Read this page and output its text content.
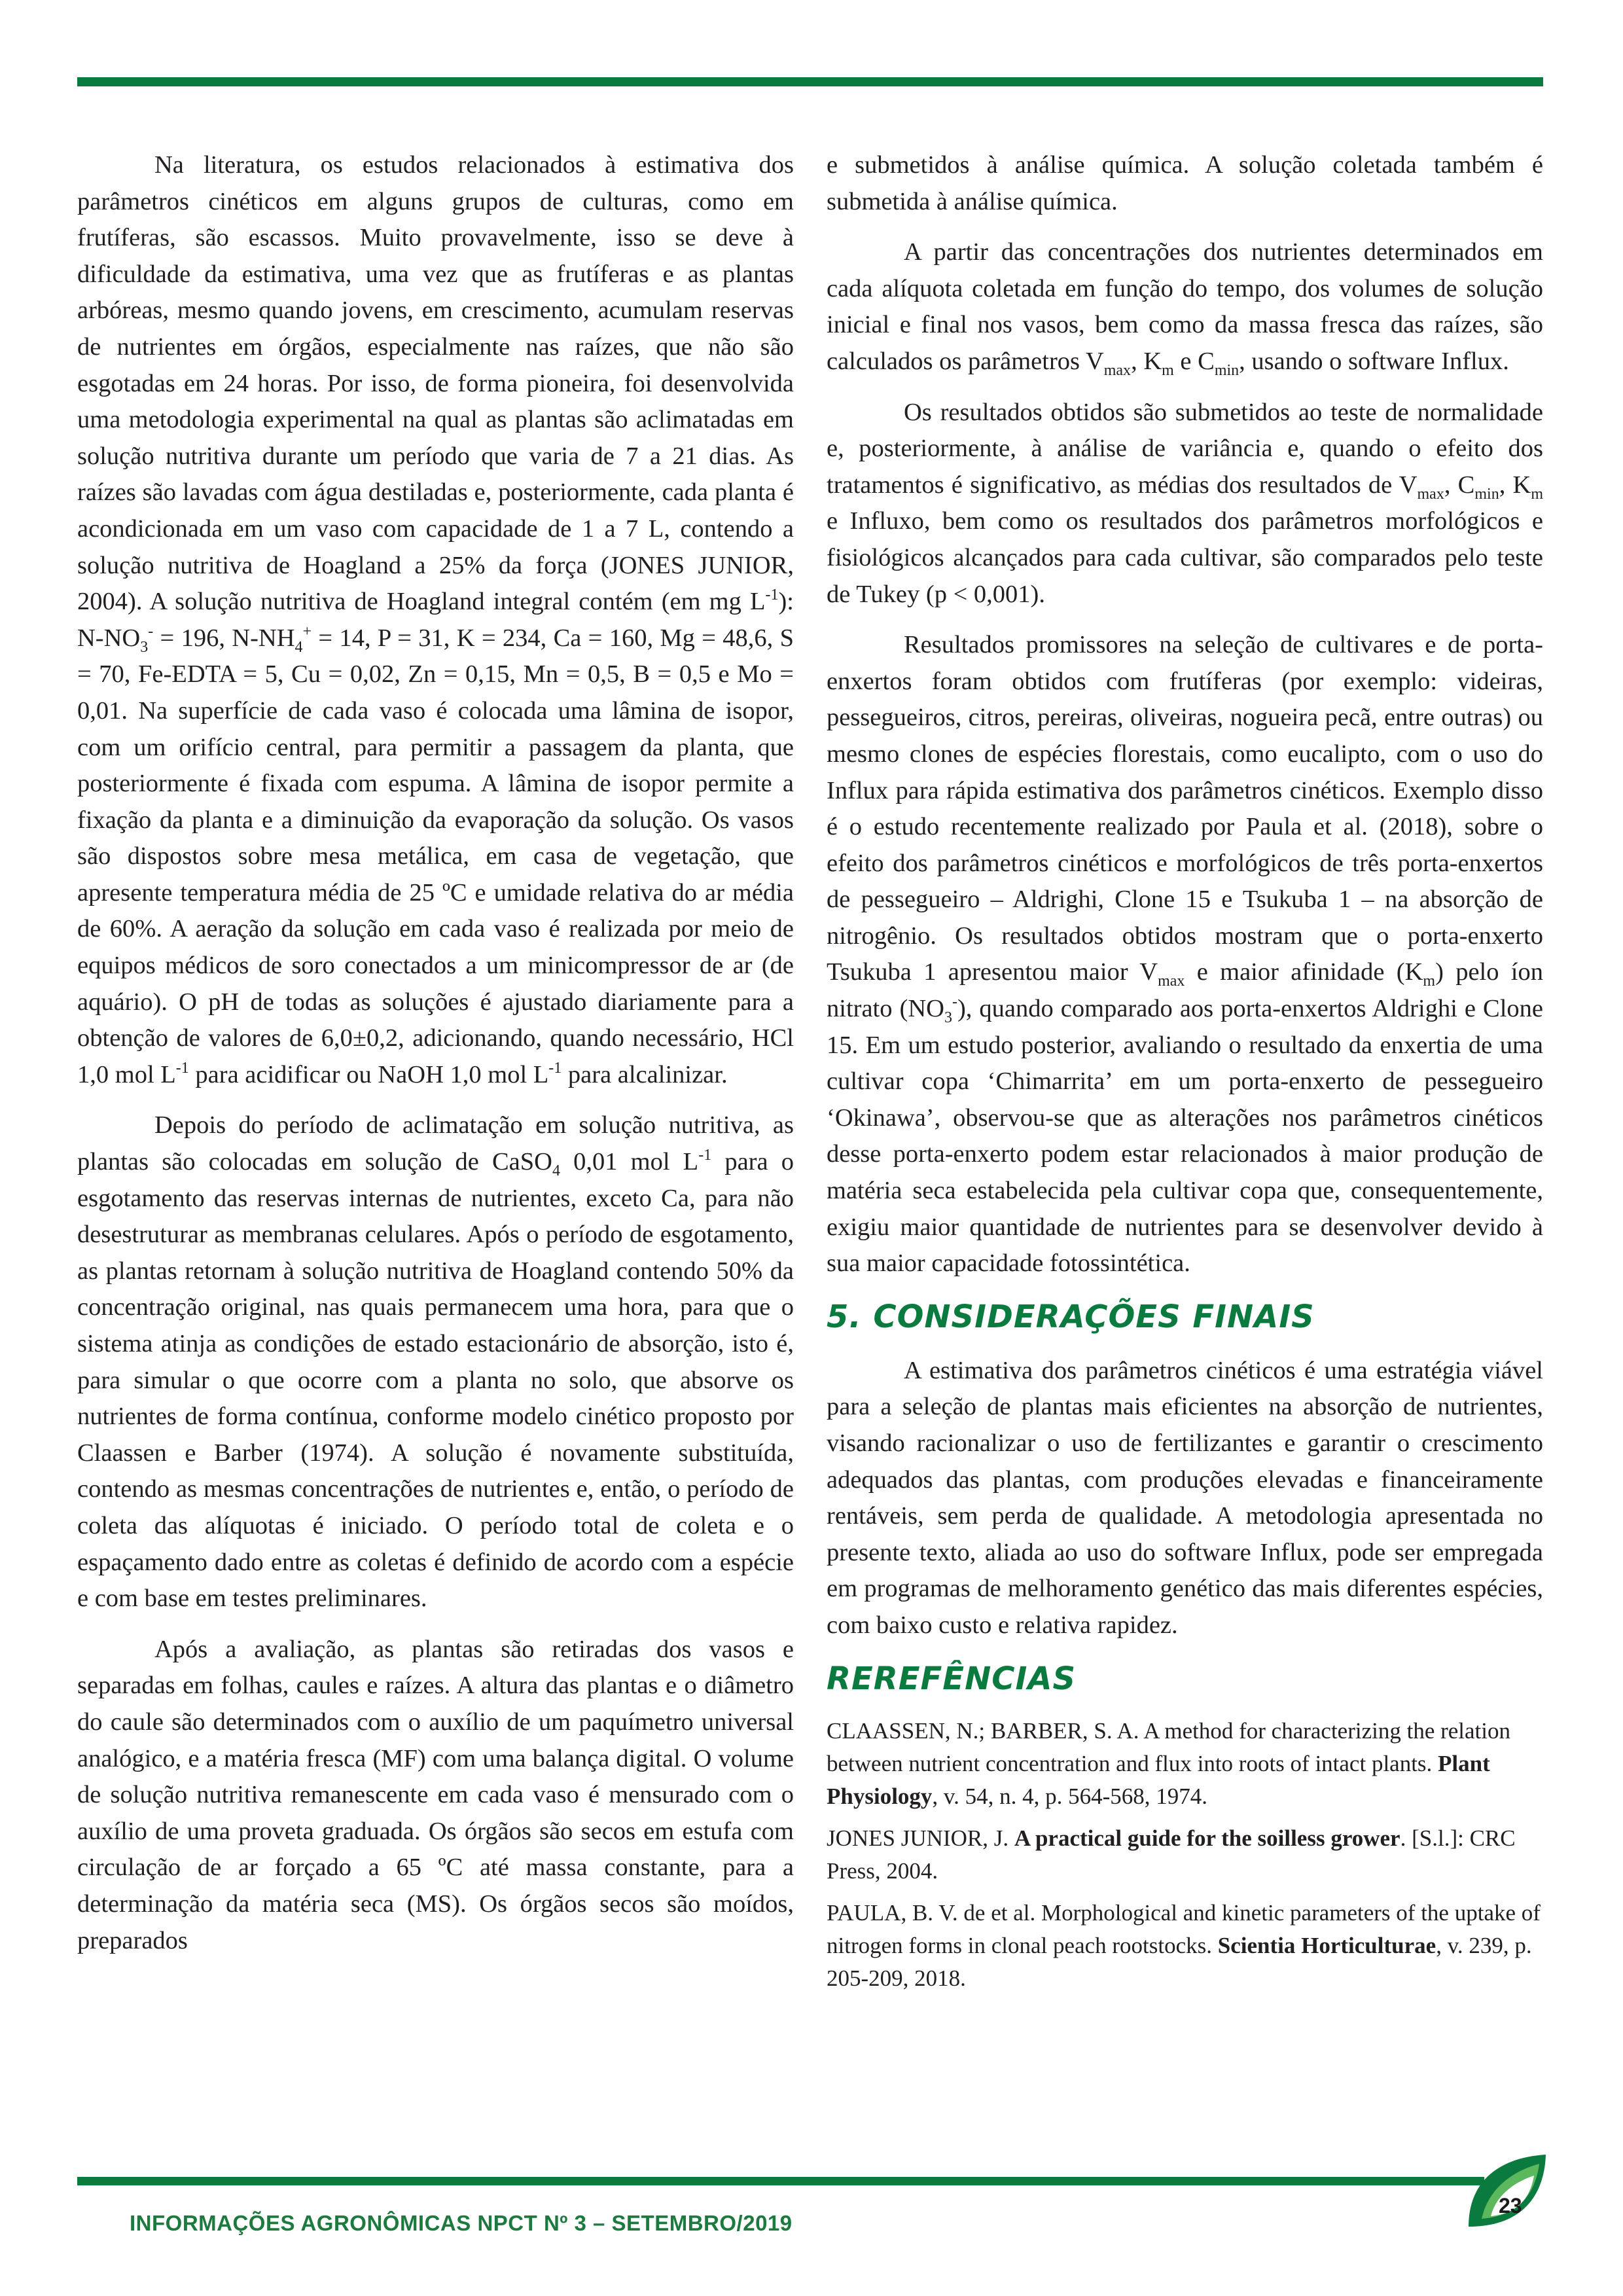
Na literatura, os estudos relacionados à estimativa dos parâmetros cinéticos em alguns grupos de culturas, como em frutíferas, são escassos. Muito provavelmente, isso se deve à dificuldade da estimativa, uma vez que as frutíferas e as plantas arbóreas, mesmo quando jovens, em crescimento, acumulam reservas de nutrientes em órgãos, especialmente nas raízes, que não são esgotadas em 24 horas. Por isso, de forma pioneira, foi desenvolvida uma metodologia experimental na qual as plantas são aclimatadas em solução nutritiva durante um período que varia de 7 a 21 dias. As raízes são lavadas com água destiladas e, posteriormente, cada planta é acondicionada em um vaso com capacidade de 1 a 7 L, contendo a solução nutritiva de Hoagland a 25% da força (JONES JUNIOR, 2004). A solução nutritiva de Hoagland integral contém (em mg $L^{-1}$): $N-NO_3^- = 196$, $N-NH_4^+ = 14$, P = 31, K = 234, Ca = 160, Mg = 48,6, S = 70, Fe-EDTA = 5, Cu = 0,02, Zn = 0,15, Mn = 0,5, B = 0,5 e Mo = 0,01. Na superfície de cada vaso é colocada uma lâmina de isopor, com um orifício central, para permitir a passagem da planta, que posteriormente é fixada com espuma. A lâmina de isopor permite a fixação da planta e a diminuição da evaporação da solução. Os vasos são dispostos sobre mesa metálica, em casa de vegetação, que apresente temperatura média de 25 ºC e umidade relativa do ar média de 60%. A aeração da solução em cada vaso é realizada por meio de equipos médicos de soro conectados a um minicompressor de ar (de aquário). O pH de todas as soluções é ajustado diariamente para a obtenção de valores de 6,0±0,2, adicionando, quando necessário, HCl 1,0 mol $L^{-1}$ para acidificar ou NaOH 1,0 mol $L^{-1}$ para alcalinizar.

Depois do período de aclimatação em solução nutritiva, as plantas são colocadas em solução de CaSO$_4$ 0,01 mol $L^{-1}$ para o esgotamento das reservas internas de nutrientes, exceto Ca, para não desestruturar as membranas celulares. Após o período de esgotamento, as plantas retornam à solução nutritiva de Hoagland contendo 50% da concentração original, nas quais permanecem uma hora, para que o sistema atinja as condições de estado estacionário de absorção, isto é, para simular o que ocorre com a planta no solo, que absorve os nutrientes de forma contínua, conforme modelo cinético proposto por Claassen e Barber (1974). A solução é novamente substituída, contendo as mesmas concentrações de nutrientes e, então, o período de coleta das alíquotas é iniciado. O período total de coleta e o espaçamento dado entre as coletas é definido de acordo com a espécie e com base em testes preliminares.

Após a avaliação, as plantas são retiradas dos vasos e separadas em folhas, caules e raízes. A altura das plantas e o diâmetro do caule são determinados com o auxílio de um paquímetro universal analógico, e a matéria fresca (MF) com uma balança digital. O volume de solução nutritiva remanescente em cada vaso é mensurado com o auxílio de uma proveta graduada. Os órgãos são secos em estufa com circulação de ar forçado a 65 ºC até massa constante, para a determinação da matéria seca (MS). Os órgãos secos são moídos, preparados

e submetidos à análise química. A solução coletada também é submetida à análise química.

A partir das concentrações dos nutrientes determinados em cada alíquota coletada em função do tempo, dos volumes de solução inicial e final nos vasos, bem como da massa fresca das raízes, são calculados os parâmetros $V_{max}$, $K_m$ e $C_{min}$, usando o software Influx.

Os resultados obtidos são submetidos ao teste de normalidade e, posteriormente, à análise de variância e, quando o efeito dos tratamentos é significativo, as médias dos resultados de $V_{max}$, $C_{min}$, $K_m$ e Influxo, bem como os resultados dos parâmetros morfológicos e fisiológicos alcançados para cada cultivar, são comparados pelo teste de Tukey (p < 0,001).

Resultados promissores na seleção de cultivares e de porta-enxertos foram obtidos com frutíferas (por exemplo: videiras, pessegueiros, citros, pereiras, oliveiras, nogueira pecã, entre outras) ou mesmo clones de espécies florestais, como eucalipto, com o uso do Influx para rápida estimativa dos parâmetros cinéticos. Exemplo disso é o estudo recentemente realizado por Paula et al. (2018), sobre o efeito dos parâmetros cinéticos e morfológicos de três porta-enxertos de pessegueiro – Aldrighi, Clone 15 e Tsukuba 1 – na absorção de nitrogênio. Os resultados obtidos mostram que o porta-enxerto Tsukuba 1 apresentou maior $V_{max}$ e maior afinidade $(K_m)$ pelo íon nitrato $(NO_3^-)$, quando comparado aos porta-enxertos Aldrighi e Clone 15. Em um estudo posterior, avaliando o resultado da enxertia de uma cultivar copa ‘Chimarrita’ em um porta-enxerto de pessegueiro ‘Okinawa’, observou-se que as alterações nos parâmetros cinéticos desse porta-enxerto podem estar relacionados à maior produção de matéria seca estabelecida pela cultivar copa que, consequentemente, exigiu maior quantidade de nutrientes para se desenvolver devido à sua maior capacidade fotossintética.

5. CONSIDERAÇÕES FINAIS

A estimativa dos parâmetros cinéticos é uma estratégia viável para a seleção de plantas mais eficientes na absorção de nutrientes, visando racionalizar o uso de fertilizantes e garantir o crescimento adequados das plantas, com produções elevadas e financeiramente rentáveis, sem perda de qualidade. A metodologia apresentada no presente texto, aliada ao uso do software Influx, pode ser empregada em programas de melhoramento genético das mais diferentes espécies, com baixo custo e relativa rapidez.

REREFÊNCIAS

CLAASSEN, N.; BARBER, S. A. A method for characterizing the relation between nutrient concentration and flux into roots of intact plants. Plant Physiology, v. 54, n. 4, p. 564-568, 1974.

JONES JUNIOR, J. A practical guide for the soilless grower. [S.l.]: CRC Press, 2004.

PAULA, B. V. de et al. Morphological and kinetic parameters of the uptake of nitrogen forms in clonal peach rootstocks. Scientia Horticulturae, v. 239, p. 205-209, 2018.

INFORMAÇÕES AGRONÔMICAS NPCT Nº 3 – SETEMBRO/2019
23
